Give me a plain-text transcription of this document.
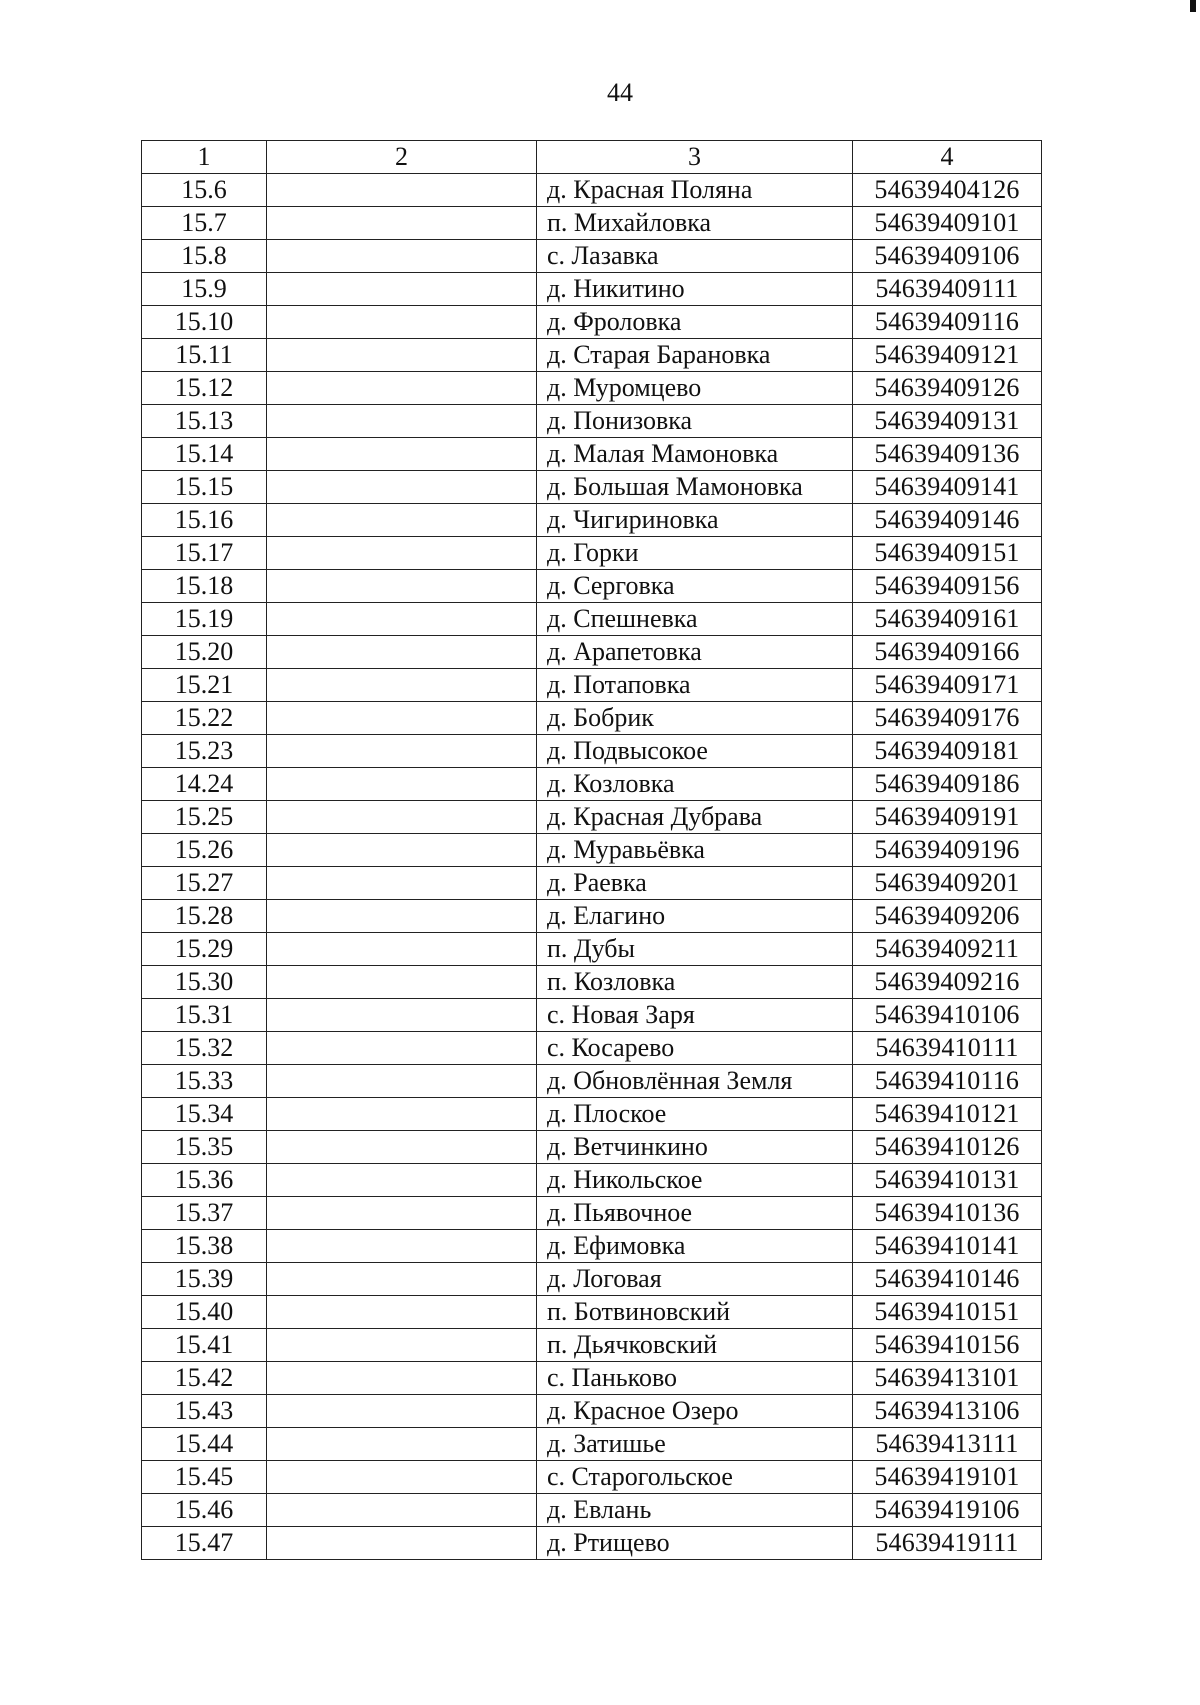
44
1	2	3	4
15.6		д. Красная Поляна	54639404126
15.7		п. Михайловка	54639409101
15.8		с. Лазавка	54639409106
15.9		д. Никитино	54639409111
15.10		д. Фроловка	54639409116
15.11		д. Старая Барановка	54639409121
15.12		д. Муромцево	54639409126
15.13		д. Понизовка	54639409131
15.14		д. Малая Мамоновка	54639409136
15.15		д. Большая Мамоновка	54639409141
15.16		д. Чигириновка	54639409146
15.17		д. Горки	54639409151
15.18		д. Серговка	54639409156
15.19		д. Спешневка	54639409161
15.20		д. Арапетовка	54639409166
15.21		д. Потаповка	54639409171
15.22		д. Бобрик	54639409176
15.23		д. Подвысокое	54639409181
14.24		д. Козловка	54639409186
15.25		д. Красная Дубрава	54639409191
15.26		д. Муравьёвка	54639409196
15.27		д. Раевка	54639409201
15.28		д. Елагино	54639409206
15.29		п. Дубы	54639409211
15.30		п. Козловка	54639409216
15.31		с. Новая Заря	54639410106
15.32		с. Косарево	54639410111
15.33		д. Обновлённая Земля	54639410116
15.34		д. Плоское	54639410121
15.35		д. Ветчинкино	54639410126
15.36		д. Никольское	54639410131
15.37		д. Пьявочное	54639410136
15.38		д. Ефимовка	54639410141
15.39		д. Логовая	54639410146
15.40		п. Ботвиновский	54639410151
15.41		п. Дьячковский	54639410156
15.42		с. Паньково	54639413101
15.43		д. Красное Озеро	54639413106
15.44		д. Затишье	54639413111
15.45		с. Старогольское	54639419101
15.46		д. Евлань	54639419106
15.47		д. Ртищево	54639419111
